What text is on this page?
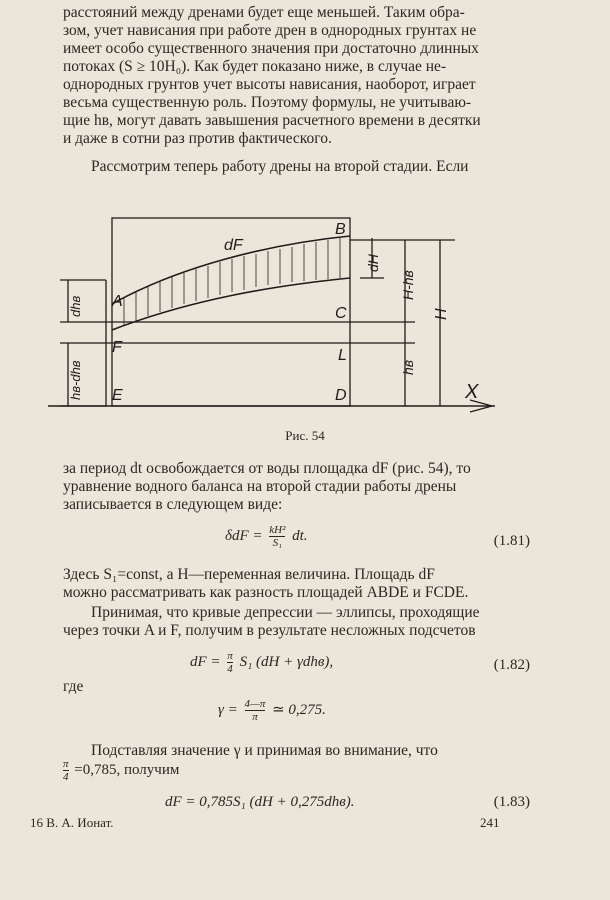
расстояний между дренами будет еще меньшей. Таким обра-
зом, учет нависания при работе дрен в однородных грунтах не
имеет особо существенного значения при достаточно длинных
потоках (S ≥ 10H₀). Как будет показано ниже, в случае не-
однородных грунтов учет высоты нависания, наоборот, играет
весьма существенную роль. Поэтому формулы, не учитываю-
щие hв, могут давать завышения расчетного времени в десятки
и даже в сотни раз против фактического.
Рассмотрим теперь работу дрены на второй стадии. Если
dF
A
B
C
D
E
F	L
X
dH
H-hв
H
hв
dhв
hв-dhв
Рис. 54
за период dt освобождается от воды площадка dF (рис. 54), то
уравнение водного баланса на второй стадии работы дрены
записывается в следующем виде:
$\delta dF = \frac{\text{kH²}}{\text{S₁}}$ dt.	(1.81)
Здесь S₁=const, а H—переменная величина. Площадь dF
можно рассматривать как разность площадей ABDE и FCDE.
Принимая, что кривые депрессии — эллипсы, проходящие
через точки A и F, получим в результате несложных подсчетов
dF = $\frac{\pi}{4} S_1$ (dH + γdhв),	(1.82)
где
$\gamma = \frac{4—\pi}{\pi}$ ≃ 0,275.
Подставляя значение γ и принимая во внимание, что
$\frac{\pi}{4} =0,785$, получим
dF = 0,785S₁ (dH + 0,275dhв).	(1.83)
16 В. А. Ионат.	241
